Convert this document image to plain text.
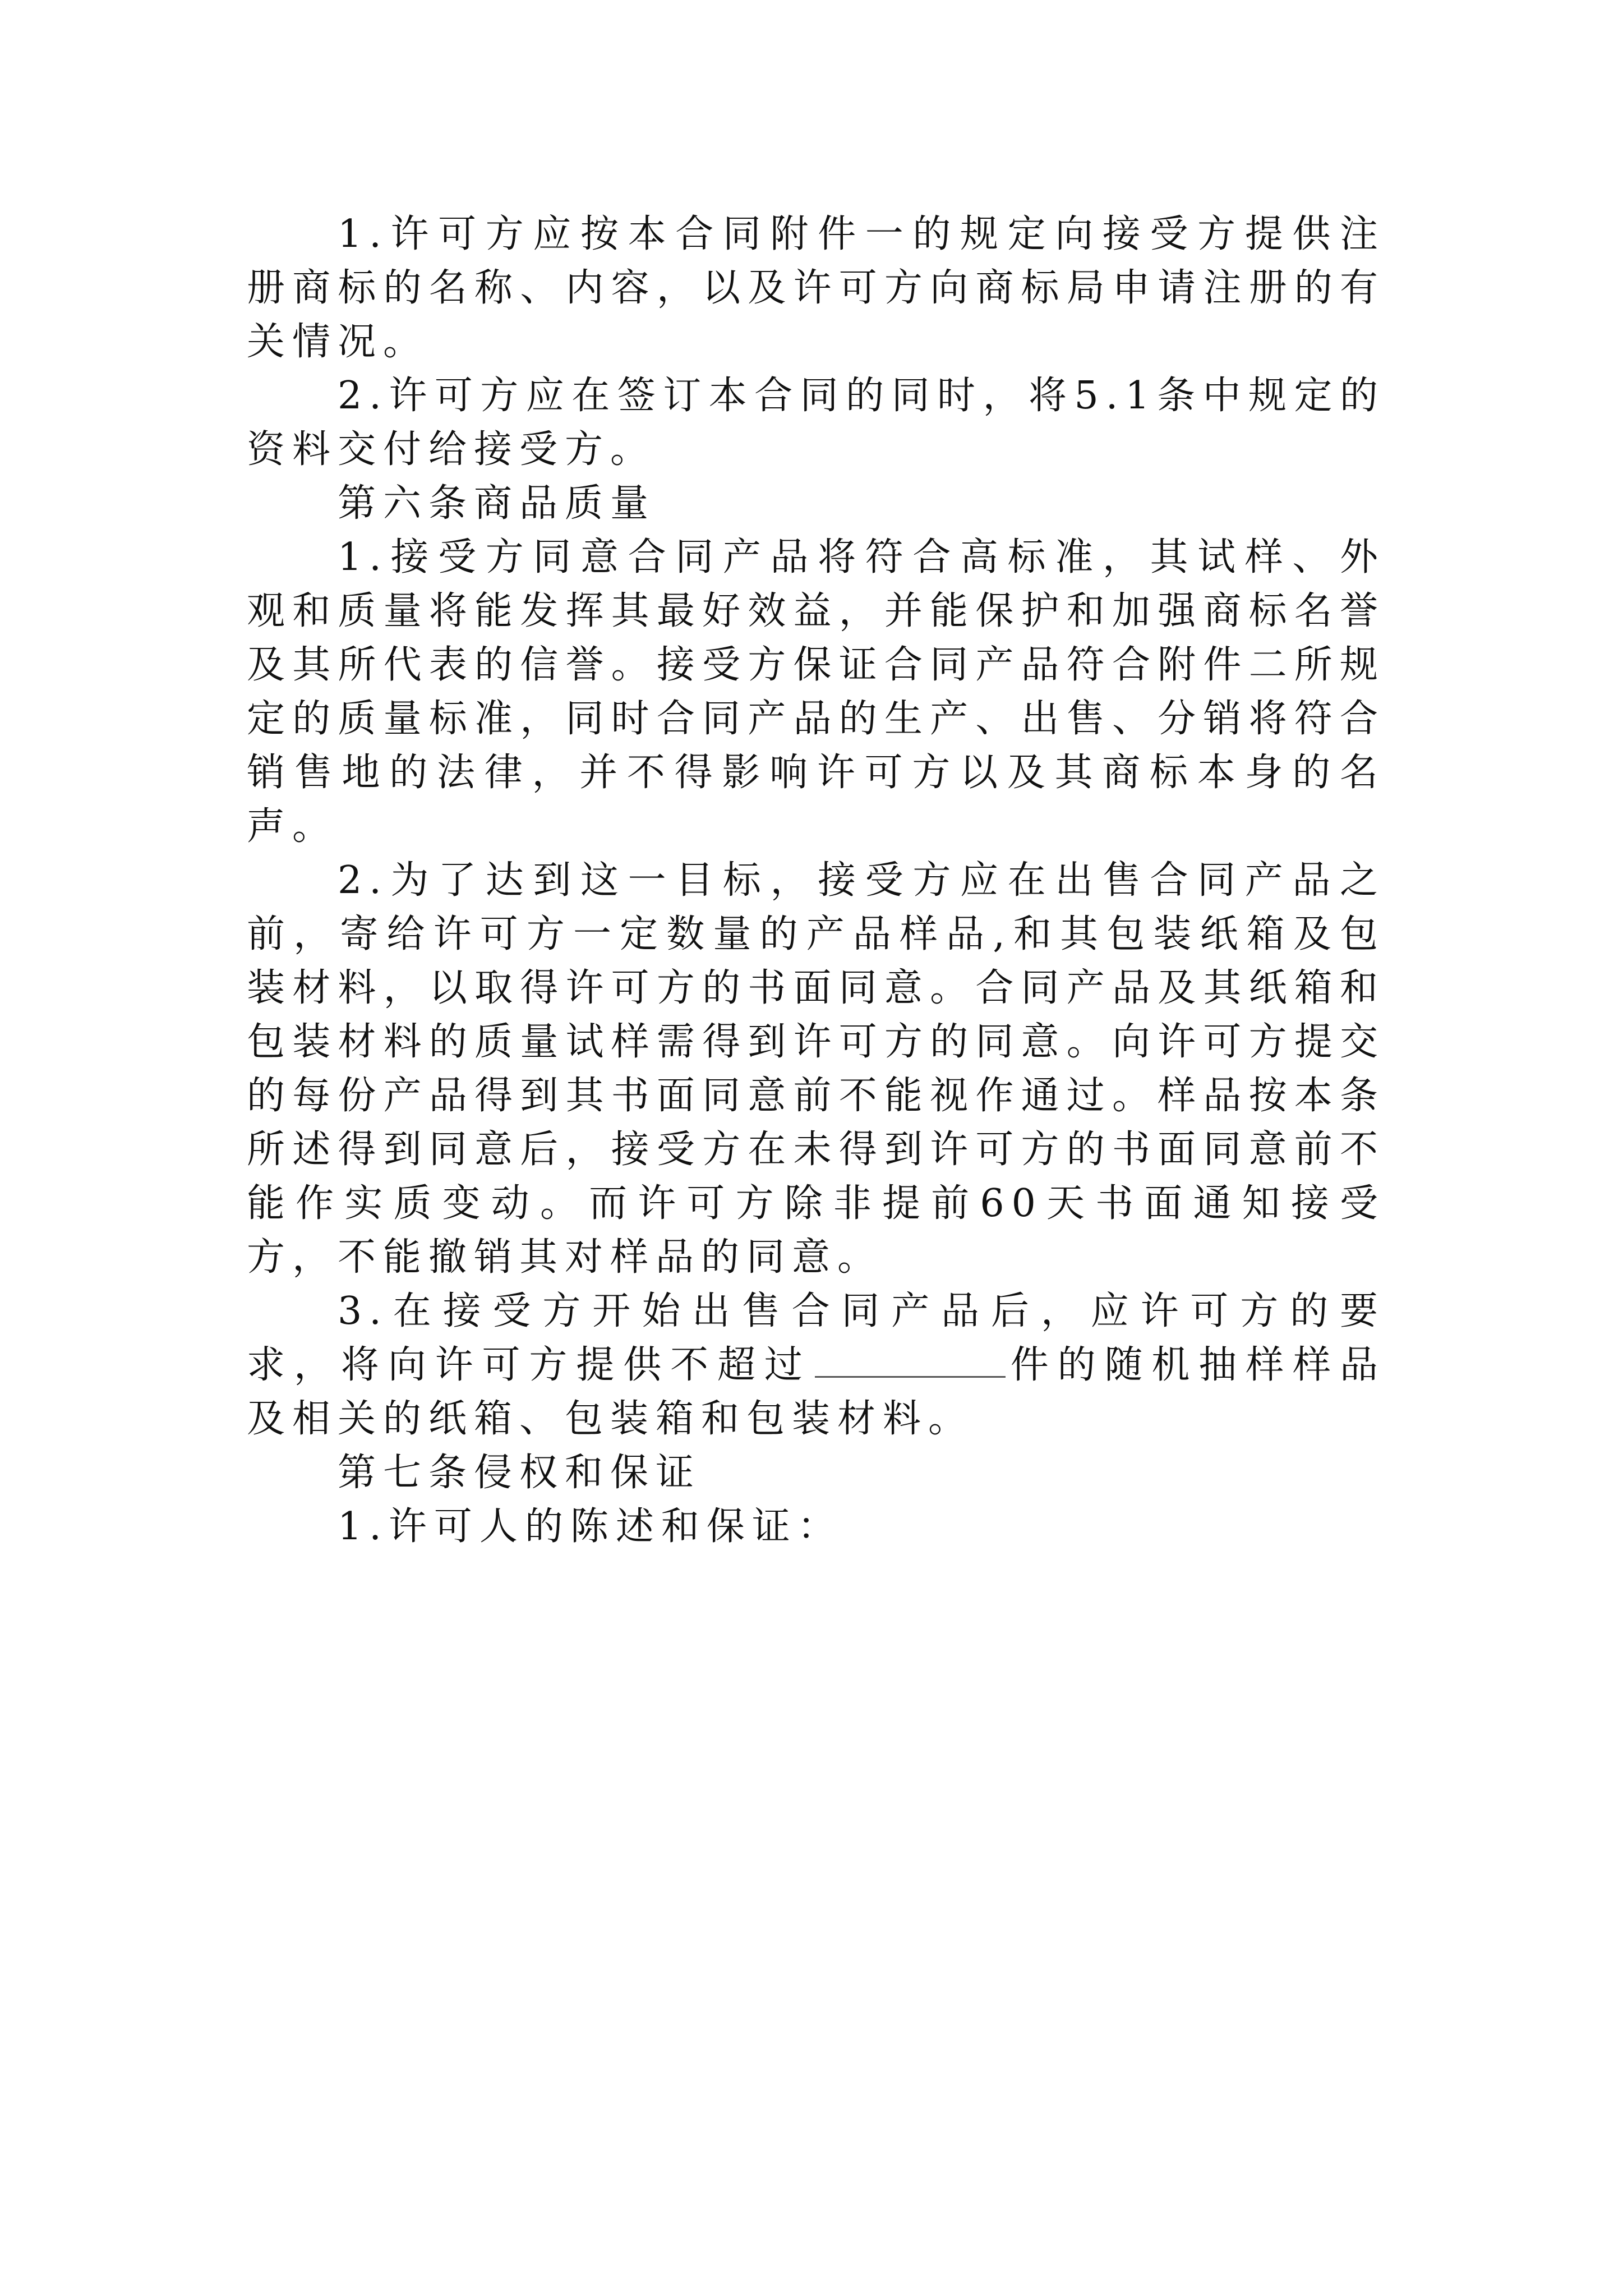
1.许可方应按本合同附件一的规定向接受方提供注册商标的名称、内容，以及许可方向商标局申请注册的有关情况。

2.许可方应在签订本合同的同时，将5.1条中规定的资料交付给接受方。

第六条商品质量

1.接受方同意合同产品将符合高标准，其试样、外观和质量将能发挥其最好效益，并能保护和加强商标名誉及其所代表的信誉。接受方保证合同产品符合附件二所规定的质量标准，同时合同产品的生产、出售、分销将符合销售地的法律，并不得影响许可方以及其商标本身的名声。

2.为了达到这一目标，接受方应在出售合同产品之前，寄给许可方一定数量的产品样品,和其包装纸箱及包装材料，以取得许可方的书面同意。合同产品及其纸箱和包装材料的质量试样需得到许可方的同意。向许可方提交的每份产品得到其书面同意前不能视作通过。样品按本条所述得到同意后，接受方在未得到许可方的书面同意前不能作实质变动。而许可方除非提前60天书面通知接受方，不能撤销其对样品的同意。

3.在接受方开始出售合同产品后，应许可方的要求，将向许可方提供不超过	件的随机抽样样品及相关的纸箱、包装箱和包装材料。

第七条侵权和保证

1.许可人的陈述和保证：
